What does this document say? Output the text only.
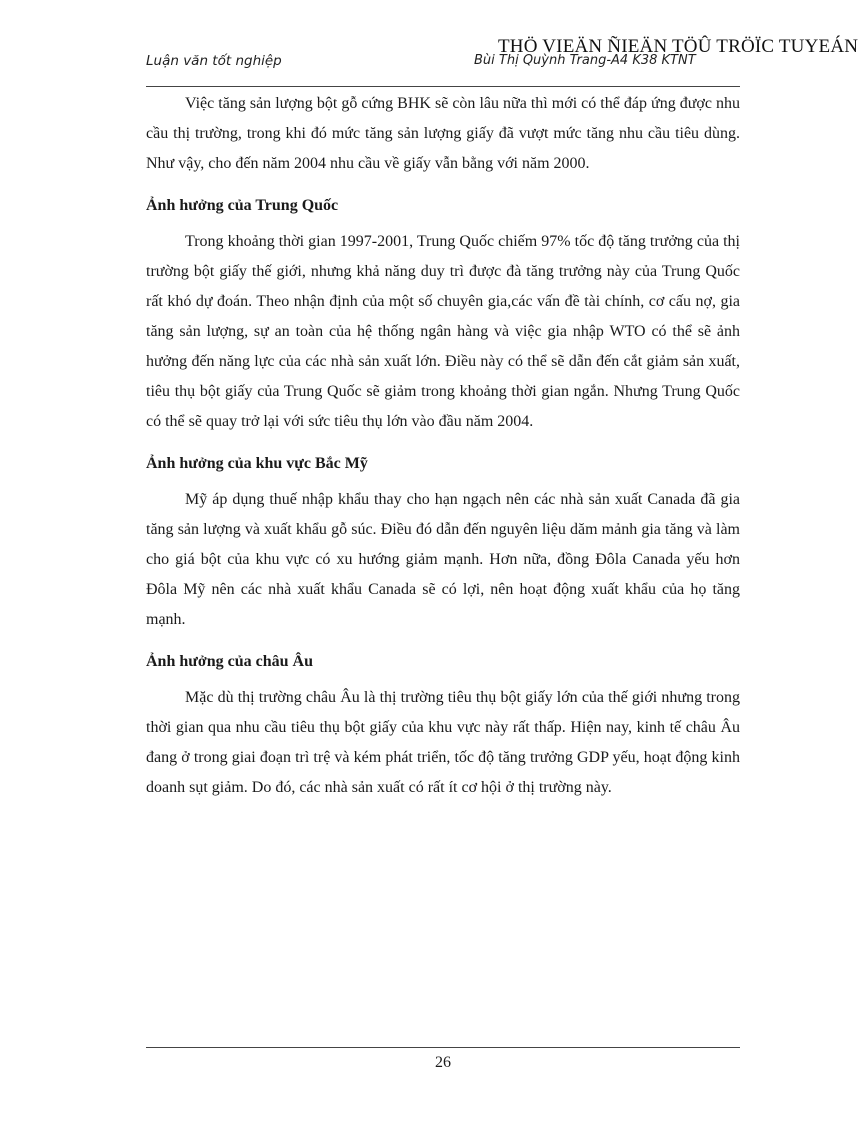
THÖ VIEÄN ÑIEÄN TÖÛ TRÖÏC TUYEÁN
Luận văn tốt nghiệp	Bùi Thị Quỳnh Trang-A4 K38 KTNT

Việc tăng sản lượng bột gỗ cứng BHK sẽ còn lâu nữa thì mới có thể đáp ứng được nhu cầu thị trường, trong khi đó mức tăng sản lượng giấy đã vượt mức tăng nhu cầu tiêu dùng. Như vậy, cho đến năm 2004 nhu cầu về giấy vẫn bằng với năm 2000.

Ảnh hưởng của Trung Quốc

Trong khoảng thời gian 1997-2001, Trung Quốc chiếm 97% tốc độ tăng trưởng của thị trường bột giấy thế giới, nhưng khả năng duy trì được đà tăng trưởng này của Trung Quốc rất khó dự đoán. Theo nhận định của một số chuyên gia,các vấn đề tài chính, cơ cấu nợ, gia tăng sản lượng, sự an toàn của hệ thống ngân hàng và việc gia nhập WTO có thể sẽ ảnh hưởng đến năng lực của các nhà sản xuất lớn. Điều này có thể sẽ dẫn đến cắt giảm sản xuất, tiêu thụ bột giấy của Trung Quốc sẽ giảm trong khoảng thời gian ngắn. Nhưng Trung Quốc có thể sẽ quay trở lại với sức tiêu thụ lớn vào đầu năm 2004.

Ảnh hưởng của khu vực Bắc Mỹ

Mỹ áp dụng thuế nhập khẩu thay cho hạn ngạch nên các nhà sản xuất Canada đã gia tăng sản lượng và xuất khẩu gỗ súc. Điều đó dẫn đến nguyên liệu dăm mảnh gia tăng và làm cho giá bột của khu vực có xu hướng giảm mạnh. Hơn nữa, đồng Đôla Canada yếu hơn Đôla Mỹ nên các nhà xuất khẩu Canada sẽ có lợi, nên hoạt động xuất khẩu của họ tăng mạnh.

Ảnh hưởng của châu Âu

Mặc dù thị trường châu Âu là thị trường tiêu thụ bột giấy lớn của thế giới nhưng trong thời gian qua nhu cầu tiêu thụ bột giấy của khu vực này rất thấp. Hiện nay, kinh tế châu Âu đang ở trong giai đoạn trì trệ và kém phát triển, tốc độ tăng trưởng GDP yếu, hoạt động kinh doanh sụt giảm. Do đó, các nhà sản xuất có rất ít cơ hội ở thị trường này.

26
